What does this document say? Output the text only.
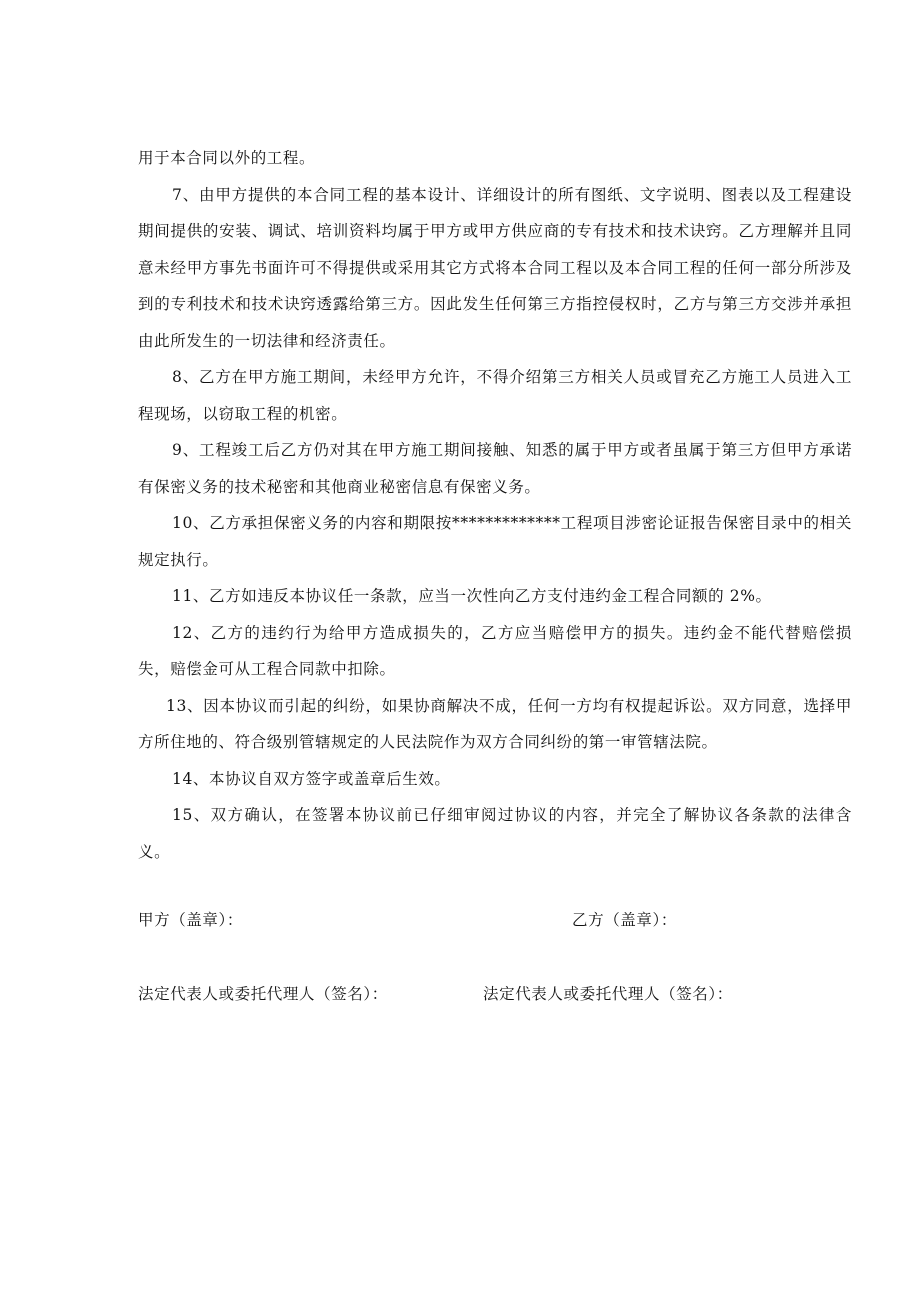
用于本合同以外的工程。

7、由甲方提供的本合同工程的基本设计、详细设计的所有图纸、文字说明、图表以及工程建设期间提供的安装、调试、培训资料均属于甲方或甲方供应商的专有技术和技术诀窍。乙方理解并且同意未经甲方事先书面许可不得提供或采用其它方式将本合同工程以及本合同工程的任何一部分所涉及到的专利技术和技术诀窍透露给第三方。因此发生任何第三方指控侵权时，乙方与第三方交涉并承担由此所发生的一切法律和经济责任。

8、乙方在甲方施工期间，未经甲方允许，不得介绍第三方相关人员或冒充乙方施工人员进入工程现场，以窃取工程的机密。

9、工程竣工后乙方仍对其在甲方施工期间接触、知悉的属于甲方或者虽属于第三方但甲方承诺有保密义务的技术秘密和其他商业秘密信息有保密义务。

10、乙方承担保密义务的内容和期限按*************工程项目涉密论证报告保密目录中的相关规定执行。

11、乙方如违反本协议任一条款，应当一次性向乙方支付违约金工程合同额的 2%。

12、乙方的违约行为给甲方造成损失的，乙方应当赔偿甲方的损失。违约金不能代替赔偿损失，赔偿金可从工程合同款中扣除。

13、因本协议而引起的纠纷，如果协商解决不成，任何一方均有权提起诉讼。双方同意，选择甲方所住地的、符合级别管辖规定的人民法院作为双方合同纠纷的第一审管辖法院。

14、本协议自双方签字或盖章后生效。

15、双方确认，在签署本协议前已仔细审阅过协议的内容，并完全了解协议各条款的法律含义。

甲方（盖章）：	乙方（盖章）：
法定代表人或委托代理人（签名）：	法定代表人或委托代理人（签名）：
